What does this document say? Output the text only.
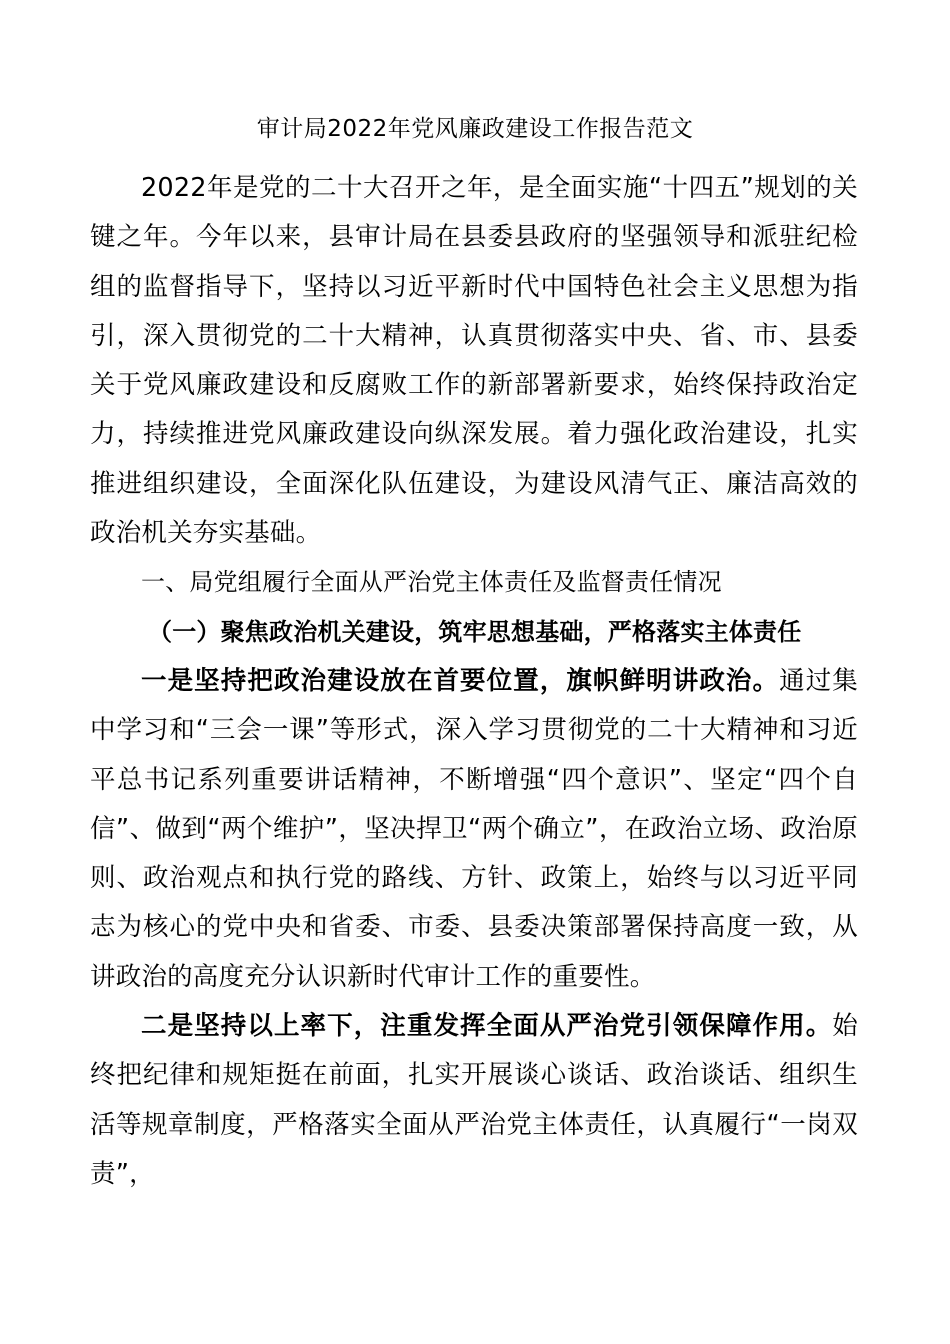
审计局2022年党风廉政建设工作报告范文

2022年是党的二十大召开之年，是全面实施“十四五”规划的关键之年。今年以来，县审计局在县委县政府的坚强领导和派驻纪检组的监督指导下，坚持以习近平新时代中国特色社会主义思想为指引，深入贯彻党的二十大精神，认真贯彻落实中央、省、市、县委关于党风廉政建设和反腐败工作的新部署新要求，始终保持政治定力，持续推进党风廉政建设向纵深发展。着力强化政治建设，扎实推进组织建设，全面深化队伍建设，为建设风清气正、廉洁高效的政治机关夯实基础。

一、局党组履行全面从严治党主体责任及监督责任情况

（一）聚焦政治机关建设，筑牢思想基础，严格落实主体责任

一是坚持把政治建设放在首要位置，旗帜鲜明讲政治。通过集中学习和“三会一课”等形式，深入学习贯彻党的二十大精神和习近平总书记系列重要讲话精神，不断增强“四个意识”、坚定“四个自信”、做到“两个维护”，坚决捍卫“两个确立”，在政治立场、政治原则、政治观点和执行党的路线、方针、政策上，始终与以习近平同志为核心的党中央和省委、市委、县委决策部署保持高度一致，从讲政治的高度充分认识新时代审计工作的重要性。

二是坚持以上率下，注重发挥全面从严治党引领保障作用。始终把纪律和规矩挺在前面，扎实开展谈心谈话、政治谈话、组织生活等规章制度，严格落实全面从严治党主体责任，认真履行“一岗双责”，
